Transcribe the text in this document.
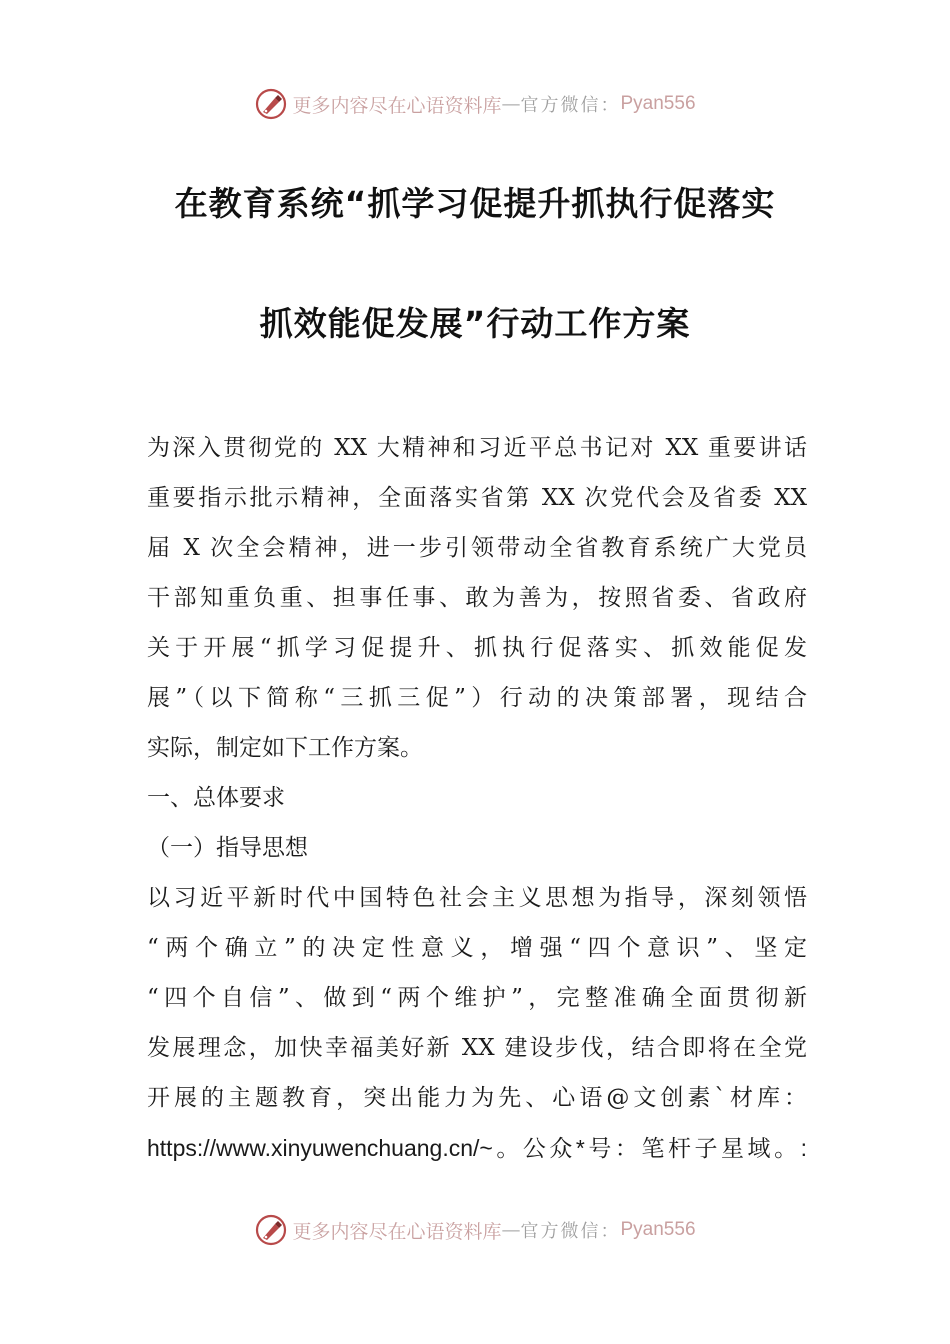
更多内容尽在心语资料库 — 官方微信： Pyan556
在教育系统“抓学习促提升抓执行促落实
抓效能促发展”行动工作方案
为深入贯彻党的 XX 大精神和习近平总书记对 XX 重要讲话
重要指示批示精神，全面落实省第 XX 次党代会及省委 XX
届 X 次全会精神，进一步引领带动全省教育系统广大党员
干部知重负重、担事任事、敢为善为，按照省委、省政府
关于开展“抓学习促提升、抓执行促落实、抓效能促发
展”（以下简称“三抓三促”）行动的决策部署，现结合
实际，制定如下工作方案。
一、总体要求
（一）指导思想
以习近平新时代中国特色社会主义思想为指导，深刻领悟
“两个确立”的决定性意义，增强“四个意识”、坚定
“四个自信”、做到“两个维护”，完整准确全面贯彻新
发展理念，加快幸福美好新 XX 建设步伐，结合即将在全党
开展的主题教育，突出能力为先、心语@文创素`材库：
https://www.xinyuwenchuang.cn/~。公众*号：笔杆子星域。:
更多内容尽在心语资料库 — 官方微信： Pyan556
